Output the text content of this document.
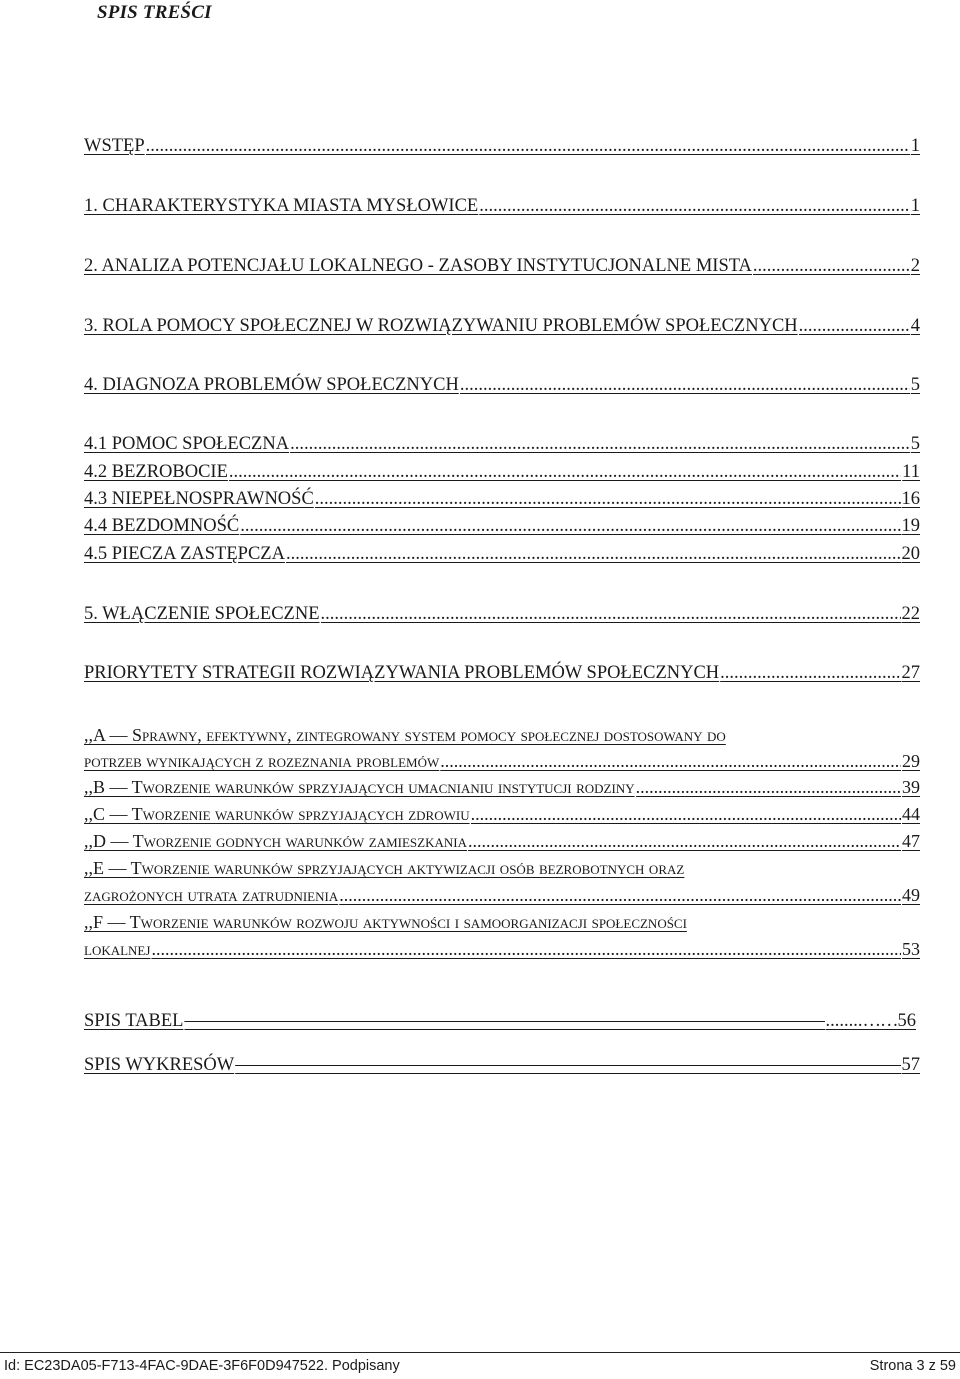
SPIS TREŚCI
WSTĘP .....	1
1. CHARAKTERYSTYKA MIASTA MYSŁOWICE .....	1
2. ANALIZA POTENCJAŁU LOKALNEGO - ZASOBY INSTYTUCJONALNE MISTA .....	2
3. ROLA POMOCY SPOŁECZNEJ W ROZWIĄZYWANIU PROBLEMÓW SPOŁECZNYCH .....	4
4. DIAGNOZA PROBLEMÓW SPOŁECZNYCH .....	5
4.1 POMOC SPOŁECZNA .....	5
4.2 BEZROBOCIE .....	11
4.3 NIEPEŁNOSPRAWNOŚĆ .....	16
4.4 BEZDOMNOŚĆ .....	19
4.5 PIECZA ZASTĘPCZA .....	20
5. WŁĄCZENIE SPOŁECZNE .....	22
PRIORYTETY STRATEGII ROZWIĄZYWANIA PROBLEMÓW SPOŁECZNYCH .....	27
,,A — Sprawny, efektywny, zintegrowany system pomocy społecznej dostosowany do
potrzeb wynikających z rozeznania problemów .....	29
,,B — Tworzenie warunków sprzyjających umacnianiu instytucji rodziny .....	39
,,C — Tworzenie warunków sprzyjających zdrowiu .....	44
,,D — Tworzenie godnych warunków zamieszkania .....	47
,,E — Tworzenie warunków sprzyjających aktywizacji osób bezrobotnych oraz
zagrożonych utrata zatrudnienia .....	49
,,F — Tworzenie warunków rozwoju aktywności i samoorganizacji społeczności
lokalnej .....	53
SPIS TABEL —————	........ …… 56
SPIS WYKRESÓW —————	57
Id: EC23DA05-F713-4FAC-9DAE-3F6F0D947522. Podpisany	Strona 3 z 59
